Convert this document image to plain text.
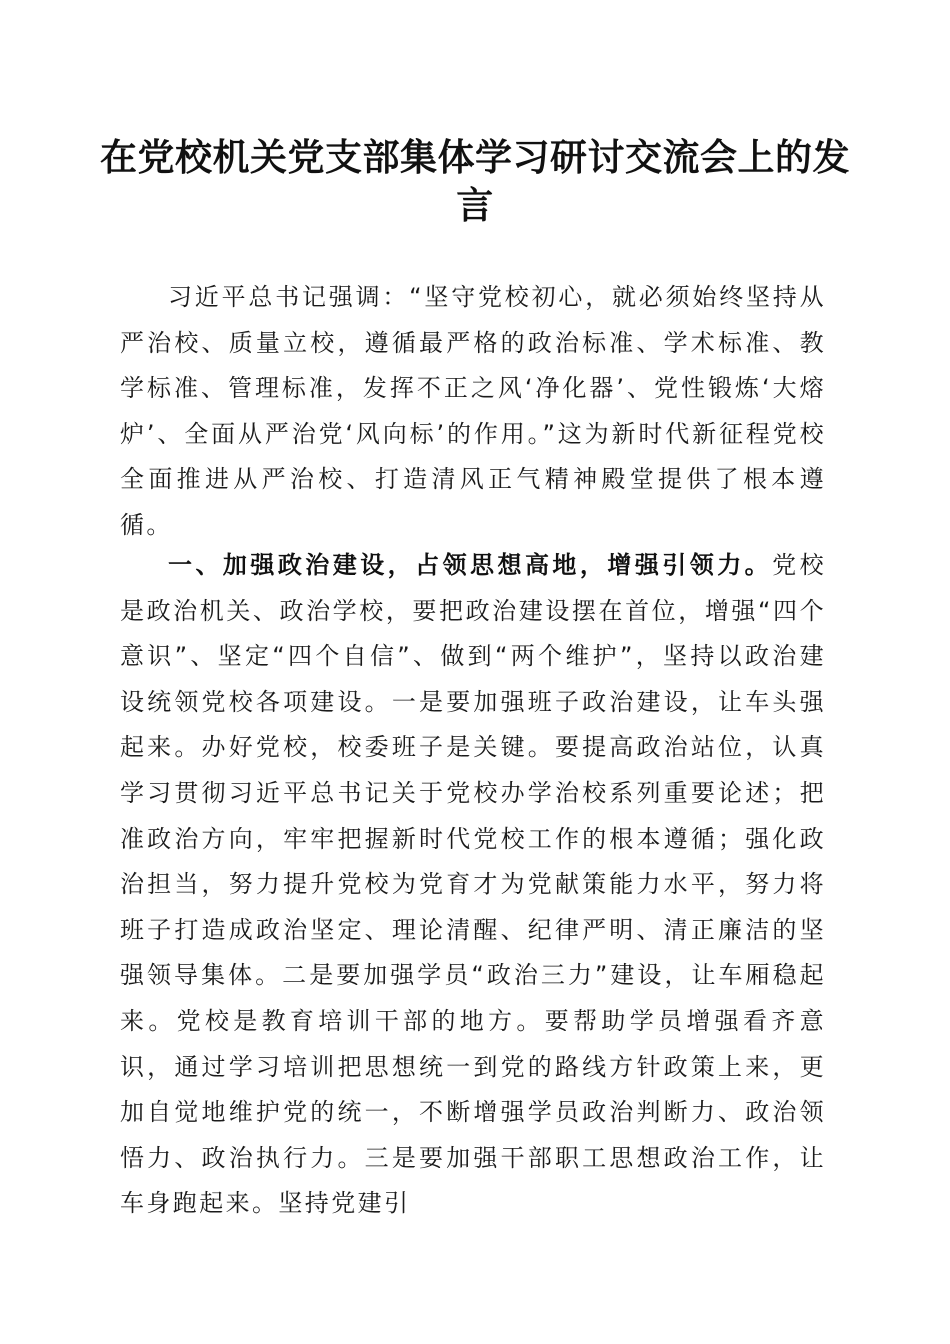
在党校机关党支部集体学习研讨交流会上的发言

习近平总书记强调：“坚守党校初心，就必须始终坚持从严治校、质量立校，遵循最严格的政治标准、学术标准、教学标准、管理标准，发挥不正之风‘净化器’、党性锻炼‘大熔炉’、全面从严治党‘风向标’的作用。”这为新时代新征程党校全面推进从严治校、打造清风正气精神殿堂提供了根本遵循。

一、加强政治建设，占领思想高地，增强引领力。党校是政治机关、政治学校，要把政治建设摆在首位，增强“四个意识”、坚定“四个自信”、做到“两个维护”，坚持以政治建设统领党校各项建设。一是要加强班子政治建设，让车头强起来。办好党校，校委班子是关键。要提高政治站位，认真学习贯彻习近平总书记关于党校办学治校系列重要论述；把准政治方向，牢牢把握新时代党校工作的根本遵循；强化政治担当，努力提升党校为党育才为党献策能力水平，努力将班子打造成政治坚定、理论清醒、纪律严明、清正廉洁的坚强领导集体。二是要加强学员“政治三力”建设，让车厢稳起来。党校是教育培训干部的地方。要帮助学员增强看齐意识，通过学习培训把思想统一到党的路线方针政策上来，更加自觉地维护党的统一，不断增强学员政治判断力、政治领悟力、政治执行力。三是要加强干部职工思想政治工作，让车身跑起来。坚持党建引
